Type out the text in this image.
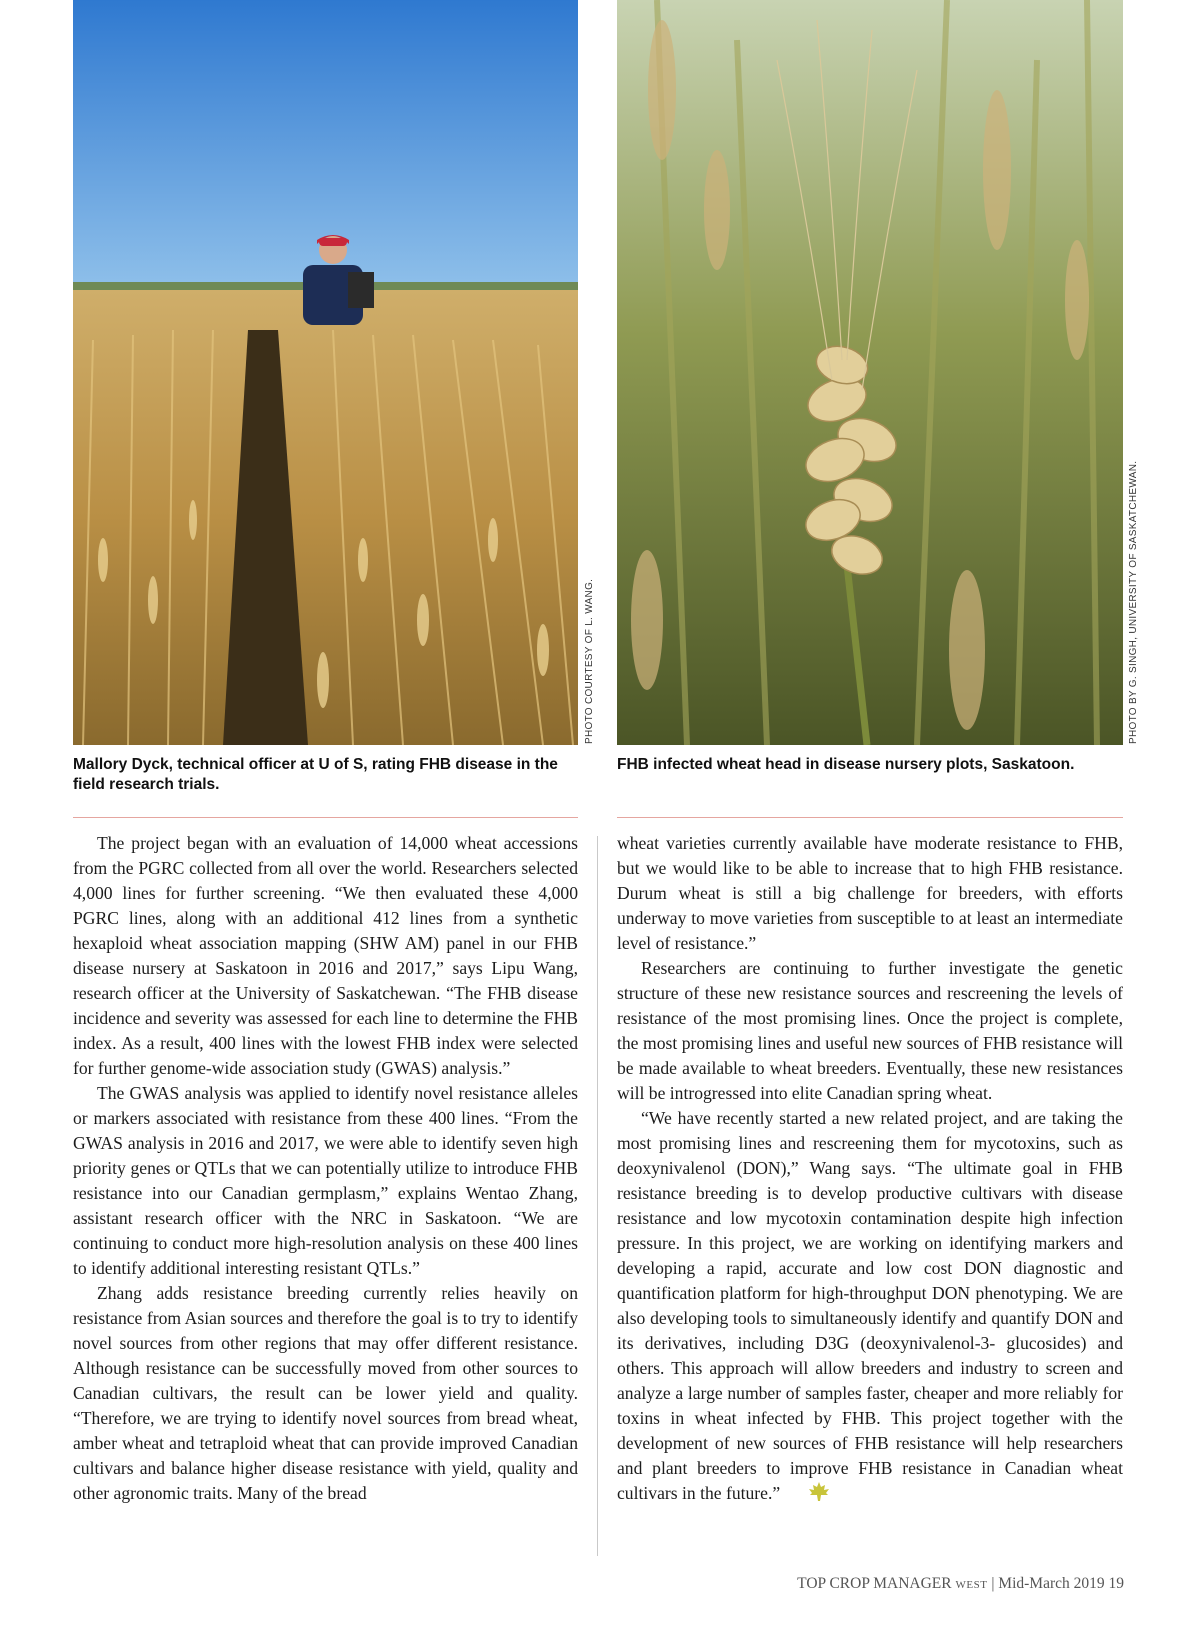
PHOTO COURTESY OF L. WANG.	PHOTO BY G. SINGH, UNIVERSITY OF SASKATCHEWAN.
Mallory Dyck, technical officer at U of S, rating FHB disease in the field research trials.
FHB infected wheat head in disease nursery plots, Saskatoon.

The project began with an evaluation of 14,000 wheat accessions from the PGRC collected from all over the world. Researchers selected 4,000 lines for further screening. “We then evaluated these 4,000 PGRC lines, along with an additional 412 lines from a synthetic hexaploid wheat association mapping (SHW AM) panel in our FHB disease nursery at Saskatoon in 2016 and 2017,” says Lipu Wang, research officer at the University of Saskatchewan. “The FHB disease incidence and severity was assessed for each line to determine the FHB index. As a result, 400 lines with the lowest FHB index were selected for further genome-wide association study (GWAS) analysis.”

The GWAS analysis was applied to identify novel resistance alleles or markers associated with resistance from these 400 lines. “From the GWAS analysis in 2016 and 2017, we were able to identify seven high priority genes or QTLs that we can potentially utilize to introduce FHB resistance into our Canadian germplasm,” explains Wentao Zhang, assistant research officer with the NRC in Saskatoon. “We are continuing to conduct more high-resolution analysis on these 400 lines to identify additional interesting resistant QTLs.”

Zhang adds resistance breeding currently relies heavily on resistance from Asian sources and therefore the goal is to try to identify novel sources from other regions that may offer different resistance. Although resistance can be successfully moved from other sources to Canadian cultivars, the result can be lower yield and quality. “Therefore, we are trying to identify novel sources from bread wheat, amber wheat and tetraploid wheat that can provide improved Canadian cultivars and balance higher disease resistance with yield, quality and other agronomic traits. Many of the bread

wheat varieties currently available have moderate resistance to FHB, but we would like to be able to increase that to high FHB resistance. Durum wheat is still a big challenge for breeders, with efforts underway to move varieties from susceptible to at least an intermediate level of resistance.”

Researchers are continuing to further investigate the genetic structure of these new resistance sources and rescreening the levels of resistance of the most promising lines. Once the project is complete, the most promising lines and useful new sources of FHB resistance will be made available to wheat breeders. Eventually, these new resistances will be introgressed into elite Canadian spring wheat.

“We have recently started a new related project, and are taking the most promising lines and rescreening them for mycotoxins, such as deoxynivalenol (DON),” Wang says. “The ultimate goal in FHB resistance breeding is to develop productive cultivars with disease resistance and low mycotoxin contamination despite high infection pressure. In this project, we are working on identifying markers and developing a rapid, accurate and low cost DON diagnostic and quantification platform for high-throughput DON phenotyping. We are also developing tools to simultaneously identify and quantify DON and its derivatives, including D3G (deoxynivalenol-3- glucosides) and others. This approach will allow breeders and industry to screen and analyze a large number of samples faster, cheaper and more reliably for toxins in wheat infected by FHB. This project together with the development of new sources of FHB resistance will help researchers and plant breeders to improve FHB resistance in Canadian wheat cultivars in the future.”

TOP CROP MANAGER WEST | Mid-March 2019 19
